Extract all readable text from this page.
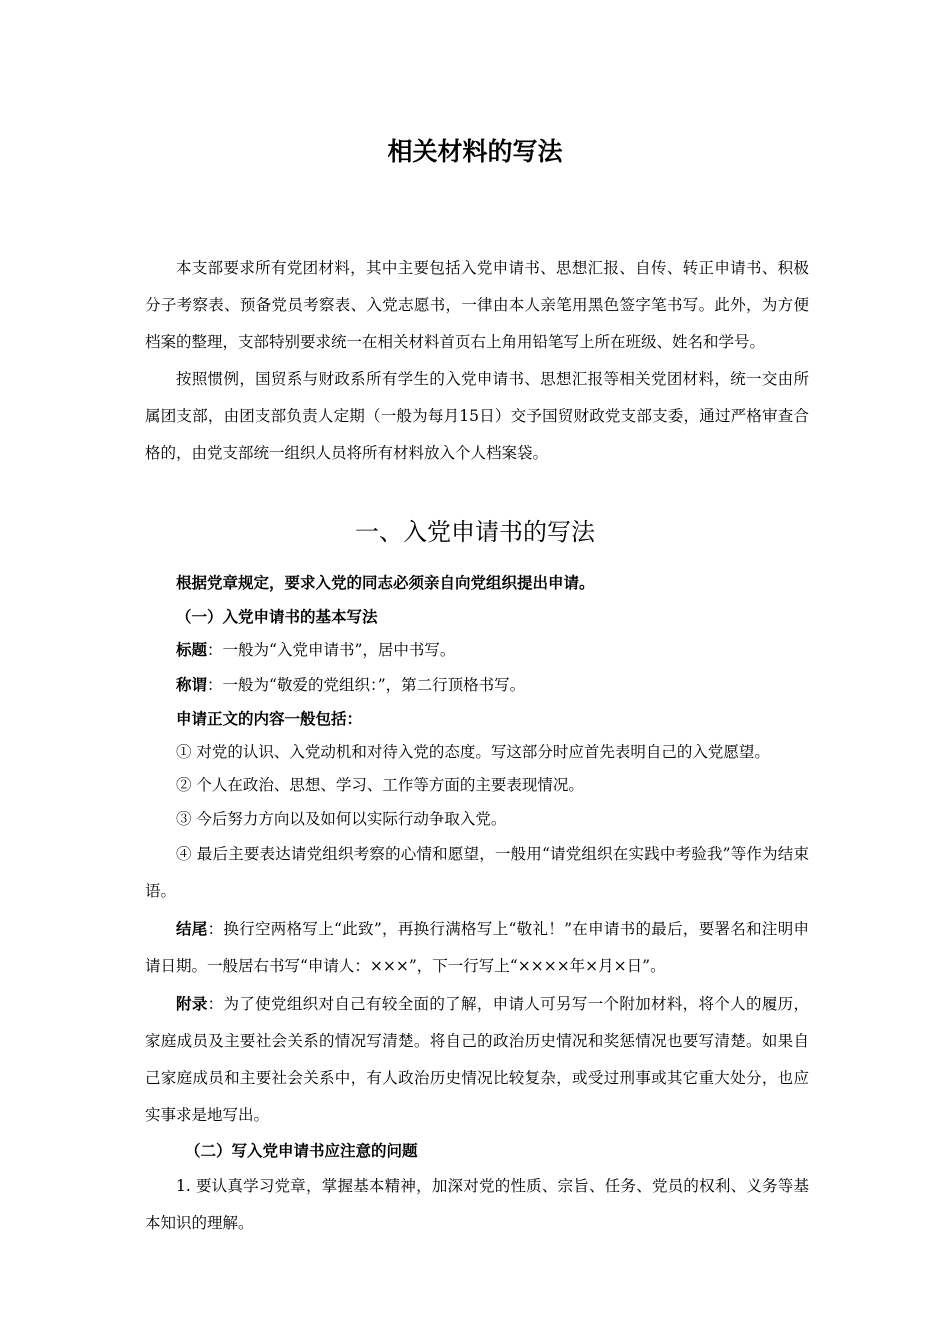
相关材料的写法

本支部要求所有党团材料，其中主要包括入党申请书、思想汇报、自传、转正申请书、积极分子考察表、预备党员考察表、入党志愿书，一律由本人亲笔用黑色签字笔书写。此外，为方便档案的整理，支部特别要求统一在相关材料首页右上角用铅笔写上所在班级、姓名和学号。

按照惯例，国贸系与财政系所有学生的入党申请书、思想汇报等相关党团材料，统一交由所属团支部，由团支部负责人定期（一般为每月15日）交予国贸财政党支部支委，通过严格审查合格的，由党支部统一组织人员将所有材料放入个人档案袋。

一、入党申请书的写法

根据党章规定，要求入党的同志必须亲自向党组织提出申请。

（一）入党申请书的基本写法

标题：一般为“入党申请书”，居中书写。

称谓：一般为“敬爱的党组织：”，第二行顶格书写。

申请正文的内容一般包括：

① 对党的认识、入党动机和对待入党的态度。写这部分时应首先表明自己的入党愿望。

② 个人在政治、思想、学习、工作等方面的主要表现情况。

③ 今后努力方向以及如何以实际行动争取入党。

④ 最后主要表达请党组织考察的心情和愿望，一般用“请党组织在实践中考验我”等作为结束语。

结尾：换行空两格写上“此致”，再换行满格写上“敬礼！”在申请书的最后，要署名和注明申请日期。一般居右书写“申请人：×××”，下一行写上“××××年×月×日”。

附录：为了使党组织对自己有较全面的了解，申请人可另写一个附加材料，将个人的履历，家庭成员及主要社会关系的情况写清楚。将自己的政治历史情况和奖惩情况也要写清楚。如果自己家庭成员和主要社会关系中，有人政治历史情况比较复杂，或受过刑事或其它重大处分，也应实事求是地写出。

（二）写入党申请书应注意的问题

1. 要认真学习党章，掌握基本精神，加深对党的性质、宗旨、任务、党员的权利、义务等基本知识的理解。
